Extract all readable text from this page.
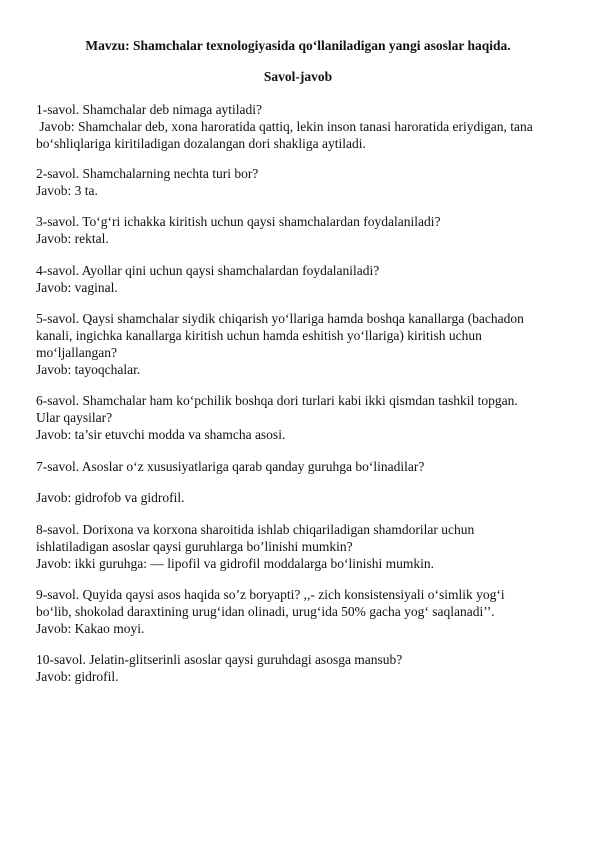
Mavzu: Shamchalar texnologiyasida qo‘llaniladigan yangi asoslar haqida.
Savol-javob
1-savol. Shamchalar deb nimaga aytiladi?
Javob: Shamchalar deb, xona haroratida qattiq, lekin inson tanasi haroratida eriydigan, tana
bo‘shliqlariga kiritiladigan dozalangan dori shakliga aytiladi.
2-savol. Shamchalarning nechta turi bor?
Javob: 3 ta.
3-savol. To‘g‘ri ichakka kiritish uchun qaysi shamchalardan foydalaniladi?
Javob: rektal.
4-savol. Ayollar qini uchun qaysi shamchalardan foydalaniladi?
Javob: vaginal.
5-savol. Qaysi shamchalar siydik chiqarish yo‘llariga hamda boshqa kanallarga (bachadon
kanali, ingichka kanallarga kiritish uchun hamda eshitish yo‘llariga) kiritish uchun
mo‘ljallangan?
Javob: tayoqchalar.
6-savol. Shamchalar ham ko‘pchilik boshqa dori turlari kabi ikki qismdan tashkil topgan.
Ular qaysilar?
Javob: ta’sir etuvchi modda va shamcha asosi.
7-savol. Asoslar o‘z xususiyatlariga qarab qanday guruhga bo‘linadilar?
Javob: gidrofob va gidrofil.
8-savol. Dorixona va korxona sharoitida ishlab chiqariladigan shamdorilar uchun
ishlatiladigan asoslar qaysi guruhlarga bo’linishi mumkin?
Javob: ikki guruhga: — lipofil va gidrofil moddalarga bo‘linishi mumkin.
9-savol. Quyida qaysi asos haqida so’z boryapti? ,,- zich konsistensiyali o‘simlik yog‘i
bo‘lib, shokolad daraxtining urug‘idan olinadi, urug‘ida 50% gacha yog‘ saqlanadi’’.
Javob: Kakao moyi.
10-savol. Jelatin-glitserinli asoslar qaysi guruhdagi asosga mansub?
Javob: gidrofil.
